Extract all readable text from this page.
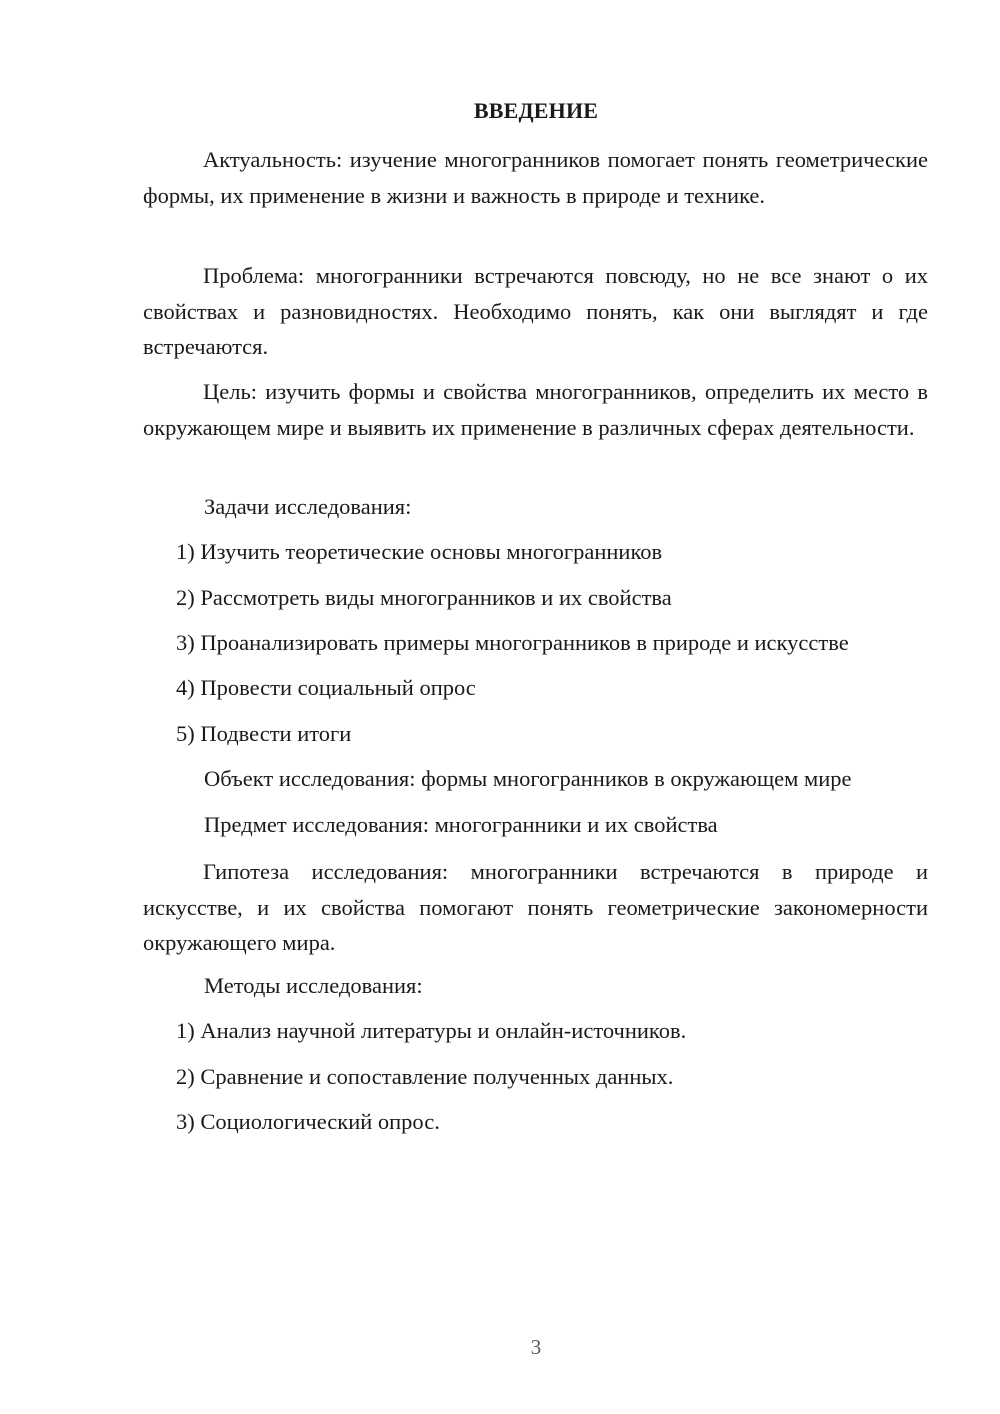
ВВЕДЕНИЕ

Актуальность: изучение многогранников помогает понять геометрические формы, их применение в жизни и важность в природе и технике.

Проблема: многогранники встречаются повсюду, но не все знают о их свойствах и разновидностях. Необходимо понять, как они выглядят и где встречаются.

Цель: изучить формы и свойства многогранников, определить их место в окружающем мире и выявить их применение в различных сферах деятельности.

Задачи исследования:
1) Изучить теоретические основы многогранников
2) Рассмотреть виды многогранников и их свойства
3) Проанализировать примеры многогранников в природе и искусстве
4) Провести социальный опрос
5) Подвести итоги
Объект исследования: формы многогранников в окружающем мире
Предмет исследования: многогранники и их свойства

Гипотеза исследования: многогранники встречаются в природе и искусстве, и их свойства помогают понять геометрические закономерности окружающего мира.

Методы исследования:
1) Анализ научной литературы и онлайн-источников.
2) Сравнение и сопоставление полученных данных.
3) Социологический опрос.
3
